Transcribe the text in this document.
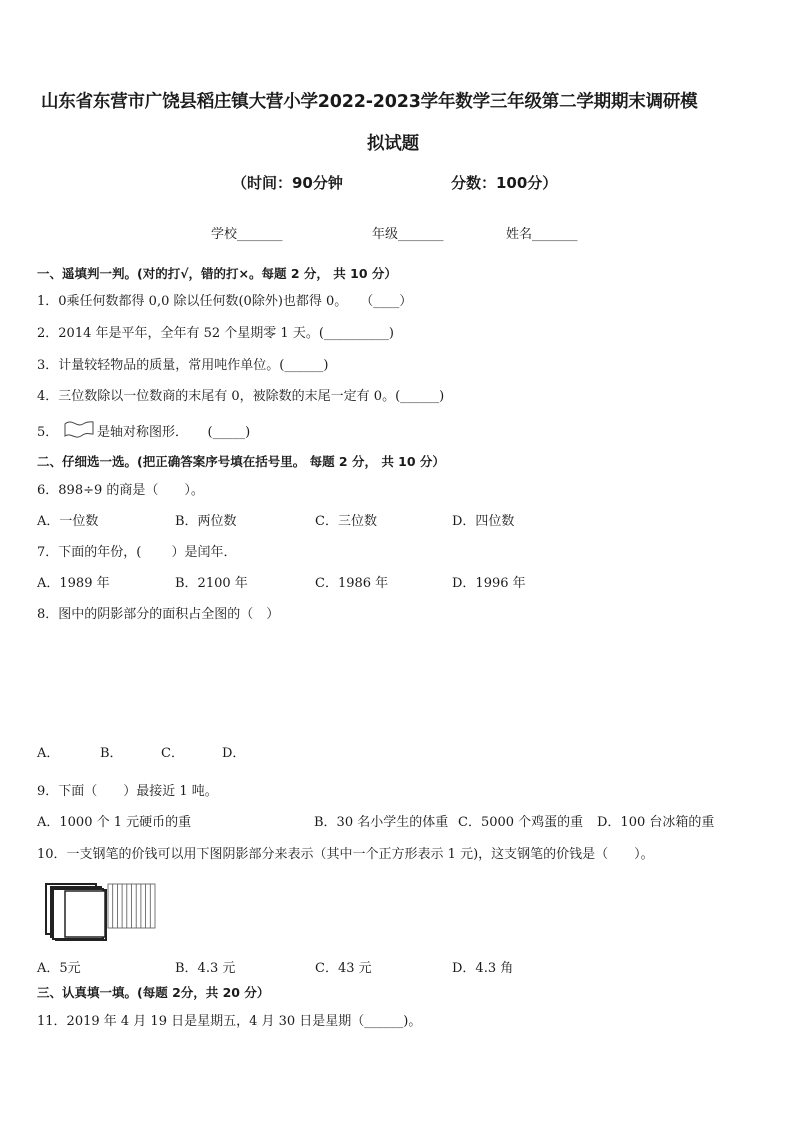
山东省东营市广饶县稻庄镇大营小学2022-2023学年数学三年级第二学期期末调研模
拟试题
（时间：90分钟	分数：100分）
学校_______	年级_______	姓名_______
一、遥填判一判。(对的打√，错的打×。每题 2 分， 共 10 分）
1．0乘任何数都得 0,0 除以任何数(0除外)也都得 0。　　（____）
2．2014 年是平年，全年有 52 个星期零 1 天。(__________)
3．计量较轻物品的质量，常用吨作单位。(______)
4．三位数除以一位数商的末尾有 0，被除数的末尾一定有 0。(______)
5．	是轴对称图形．　　(_____)
二、仔细选一选。(把正确答案序号填在括号里。 每题 2 分， 共 10 分）
6．898÷9 的商是（　　）。
A．一位数	B．两位数	C．三位数	D．四位数
7．下面的年份，(　　 ）是闰年．
A．1989 年	B．2100 年	C．1986 年	D．1996 年
8．图中的阴影部分的面积占全图的（　）
A．	B．	C．	D．
9．下面（　　）最接近 1 吨。
A．1000 个 1 元硬币的重	B．30 名小学生的体重 C．5000 个鸡蛋的重 D．100 台冰箱的重
10．一支钢笔的价钱可以用下图阴影部分来表示（其中一个正方形表示 1 元)，这支钢笔的价钱是（　　）。
A．5元	B．4.3 元	C．43 元	D．4.3 角
三、认真填一填。(每题 2分，共 20 分）
11．2019 年 4 月 19 日是星期五，4 月 30 日是星期（______)。
